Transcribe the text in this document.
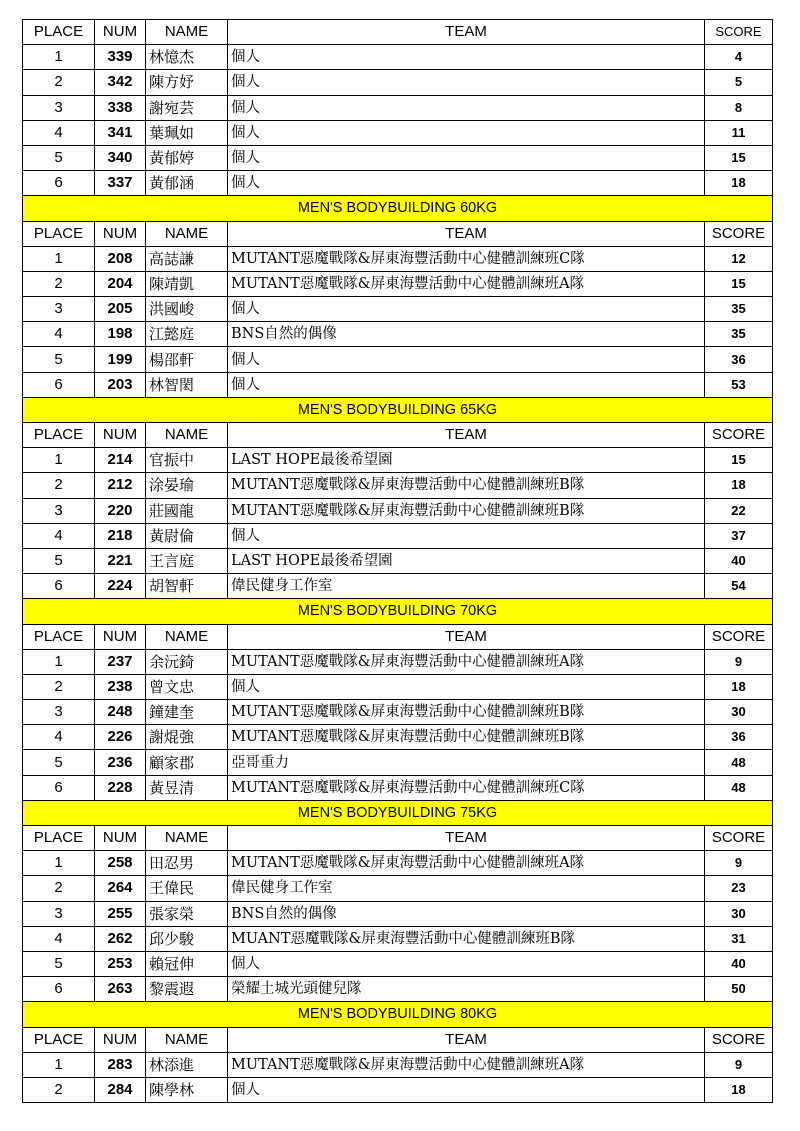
PLACE	NUM	NAME	TEAM	SCORE
1	339	林憶杰	個人	4
2	342	陳方妤	個人	5
3	338	謝宛芸	個人	8
4	341	葉珮如	個人	11
5	340	黃郁婷	個人	15
6	337	黃郁涵	個人	18
MEN'S BODYBUILDING 60KG				
PLACE	NUM	NAME	TEAM	SCORE
1	208	高誌謙	MUTANT惡魔戰隊&屏東海豐活動中心健體訓練班C隊	12
2	204	陳靖凱	MUTANT惡魔戰隊&屏東海豐活動中心健體訓練班A隊	15
3	205	洪國峻	個人	35
4	198	江懿庭	BNS自然的偶像	35
5	199	楊邵軒	個人	36
6	203	林智閎	個人	53
MEN'S BODYBUILDING 65KG				
PLACE	NUM	NAME	TEAM	SCORE
1	214	官振中	LAST HOPE最後希望園	15
2	212	涂晏瑜	MUTANT惡魔戰隊&屏東海豐活動中心健體訓練班B隊	18
3	220	莊國龍	MUTANT惡魔戰隊&屏東海豐活動中心健體訓練班B隊	22
4	218	黃尉倫	個人	37
5	221	王言庭	LAST HOPE最後希望園	40
6	224	胡智軒	偉民健身工作室	54
MEN'S BODYBUILDING 70KG				
PLACE	NUM	NAME	TEAM	SCORE
1	237	余沅錡	MUTANT惡魔戰隊&屏東海豐活動中心健體訓練班A隊	9
2	238	曾文忠	個人	18
3	248	鐘建奎	MUTANT惡魔戰隊&屏東海豐活動中心健體訓練班B隊	30
4	226	謝焜強	MUTANT惡魔戰隊&屏東海豐活動中心健體訓練班B隊	36
5	236	顧家郡	亞哥重力	48
6	228	黃昱清	MUTANT惡魔戰隊&屏東海豐活動中心健體訓練班C隊	48
MEN'S BODYBUILDING 75KG				
PLACE	NUM	NAME	TEAM	SCORE
1	258	田忍男	MUTANT惡魔戰隊&屏東海豐活動中心健體訓練班A隊	9
2	264	王偉民	偉民健身工作室	23
3	255	張家榮	BNS自然的偶像	30
4	262	邱少駿	MUANT惡魔戰隊&屏東海豐活動中心健體訓練班B隊	31
5	253	賴冠伸	個人	40
6	263	黎震遐	榮耀土城光頭健兒隊	50
MEN'S BODYBUILDING 80KG				
PLACE	NUM	NAME	TEAM	SCORE
1	283	林添進	MUTANT惡魔戰隊&屏東海豐活動中心健體訓練班A隊	9
2	284	陳學林	個人	18
